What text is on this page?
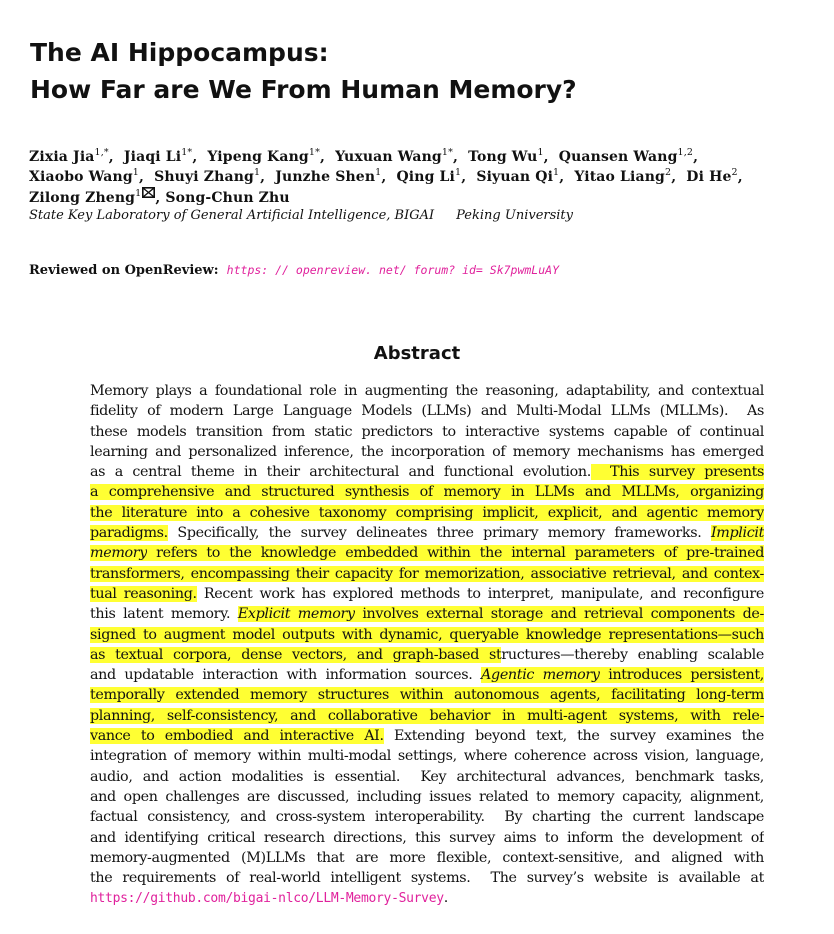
The AI Hippocampus:
How Far are We From Human Memory?
Zixia Jia$^{1,*}$,  Jiaqi $Li^{1*}$,  Yipeng Kang$^{1*}$,  Yuxuan Wang$^{1*}$,  Tong Wu$^1$,  Quansen Wang$^{1,2}$,
Xiaobo Wang$^1$,  Shuyi Zhang$^1$,  Junzhe Shen$^1$,  Qing Li$^1$,  Siyuan Qi$^1$,  Yitao Liang$^2$,  Di He$^2$,
Zilong Zheng$^1$ , Song-Chun Zhu
State Key Laboratory of General Artificial Intelligence, BIGAI Peking University
Reviewed on OpenReview: https: // openreview. net/ forum? id= Sk7pwmLuAY
Abstract
Memory plays a foundational role in augmenting the reasoning, adaptability, and contextual
fidelity of modern Large Language Models (LLMs) and Multi-Modal LLMs (MLLMs).  As
these models transition from static predictors to interactive systems capable of continual
learning and personalized inference, the incorporation of memory mechanisms has emerged
as a central theme in their architectural and functional evolution.  This survey presents
a comprehensive and structured synthesis of memory in LLMs and MLLMs, organizing
the literature into a cohesive taxonomy comprising implicit, explicit, and agentic memory
paradigms. Specifically, the survey delineates three primary memory frameworks. Implicit
memory refers to the knowledge embedded within the internal parameters of pre-trained
transformers, encompassing their capacity for memorization, associative retrieval, and contex-
tual reasoning. Recent work has explored methods to interpret, manipulate, and reconfigure
this latent memory. Explicit memory involves external storage and retrieval components de-
signed to augment model outputs with dynamic, queryable knowledge representations—such
as textual corpora, dense vectors, and graph-based structures—thereby enabling scalable
and updatable interaction with information sources. Agentic memory introduces persistent,
temporally extended memory structures within autonomous agents, facilitating long-term
planning, self-consistency, and collaborative behavior in multi-agent systems, with rele-
vance to embodied and interactive AI. Extending beyond text, the survey examines the
integration of memory within multi-modal settings, where coherence across vision, language,
audio, and action modalities is essential.  Key architectural advances, benchmark tasks,
and open challenges are discussed, including issues related to memory capacity, alignment,
factual consistency, and cross-system interoperability.  By charting the current landscape
and identifying critical research directions, this survey aims to inform the development of
memory-augmented (M)LLMs that are more flexible, context-sensitive, and aligned with
the requirements of real-world intelligent systems.  The survey’s website is available at
https://github.com/bigai-nlco/LLM-Memory-Survey.
